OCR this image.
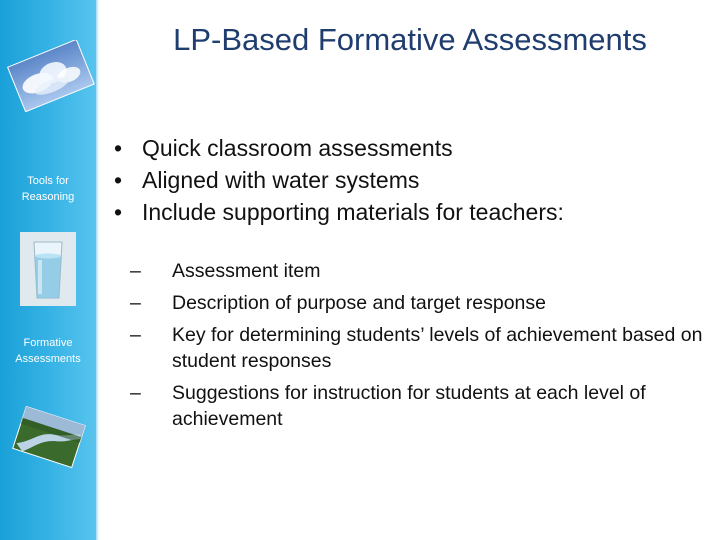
Tools for Reasoning
Formative Assessments
LP-Based Formative Assessments
• Quick classroom assessments
• Aligned with water systems
• Include supporting materials for teachers:
– Assessment item
– Description of purpose and target response
– Key for determining students’ levels of achievement based on student responses
– Suggestions for instruction for students at each level of achievement
